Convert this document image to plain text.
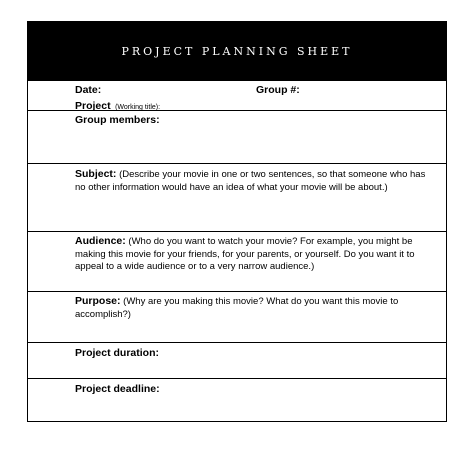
PROJECT PLANNING SHEET
Date:	Group #:
Project (Working title):
Group members:
Subject: (Describe your movie in one or two sentences, so that someone who has no other information would have an idea of what your movie will be about.)
Audience: (Who do you want to watch your movie? For example, you might be making this movie for your friends, for your parents, or yourself. Do you want it to appeal to a wide audience or to a very narrow audience.)
Purpose: (Why are you making this movie? What do you want this movie to accomplish?)
Project duration:
Project deadline:
